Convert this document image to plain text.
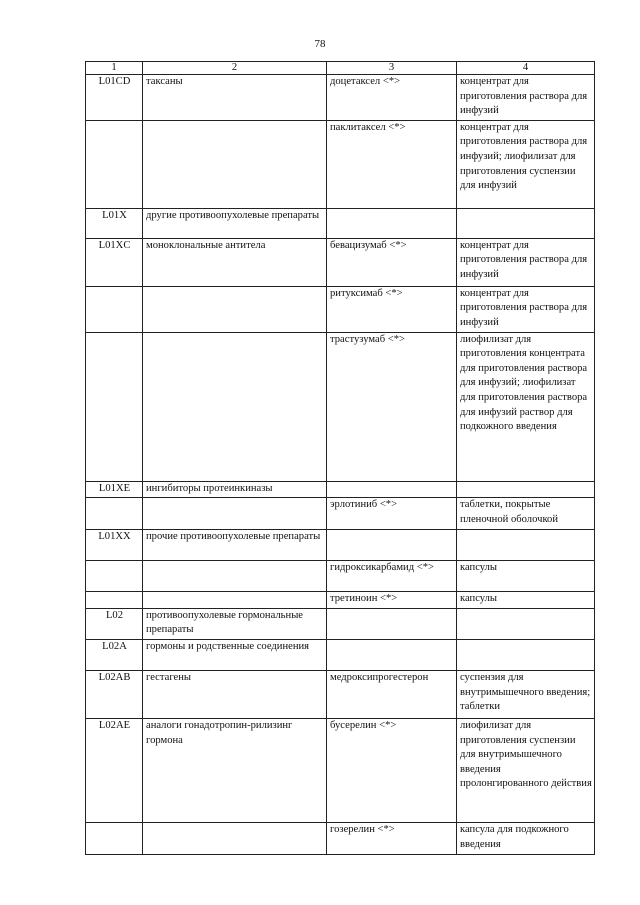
78
1	2	3	4
L01CD	таксаны	доцетаксел <*>	концентрат для приготовления раствора для инфузий
		паклитаксел <*>	концентрат для приготовления раствора для инфузий; лиофилизат для приготовления суспензии для инфузий
L01X	другие противоопухолевые препараты		
L01XC	моноклональные антитела	бевацизумаб <*>	концентрат для приготовления раствора для инфузий
		ритуксимаб <*>	концентрат для приготовления раствора для инфузий
		трастузумаб <*>	лиофилизат для приготовления концентрата для приготовления раствора для инфузий; лиофилизат для приготовления раствора для инфузий раствор для подкожного введения
L01XE	ингибиторы протеинкиназы		
		эрлотиниб <*>	таблетки, покрытые пленочной оболочкой
L01XX	прочие противоопухолевые препараты		
		гидроксикарбамид <*>	капсулы
		третиноин <*>	капсулы
L02	противоопухолевые гормональные препараты		
L02A	гормоны и родственные соединения		
L02AB	гестагены	медроксипрогестерон	суспензия для внутримышечного введения; таблетки
L02AE	аналоги гонадотропин-рилизинг гормона	бусерелин <*>	лиофилизат для приготовления суспензии для внутримышечного введения пролонгированного действия
		гозерелин <*>	капсула для подкожного введения
